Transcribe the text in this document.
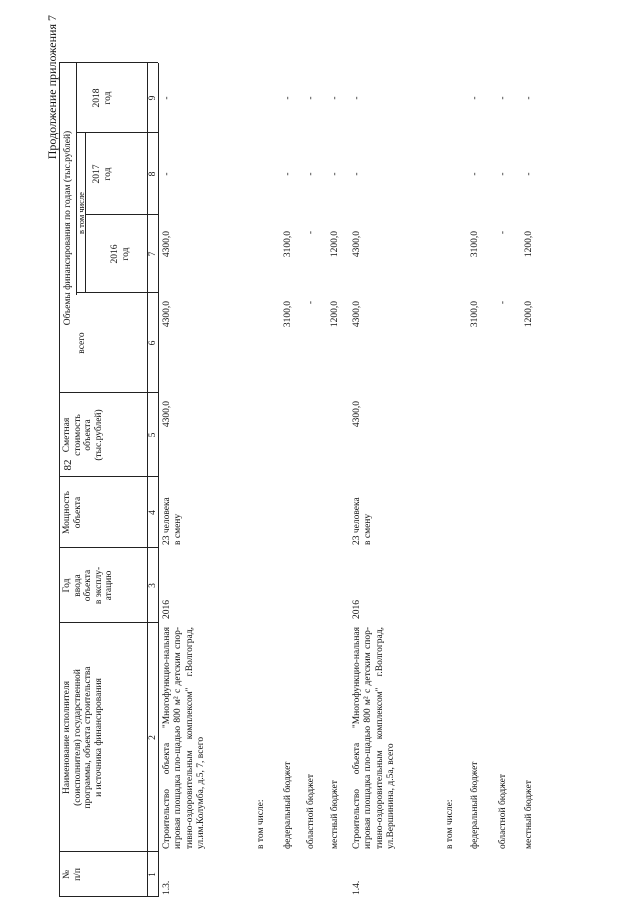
82
Продолжение приложения 7
№
п/п
Наименование исполнителя
(соисполнителя) государственной
программы, объекта строительства
и источника финансирования
Год
ввода
объекта
в эксплу-
атацию
Мощность
объекта
Сметная
стоимость
объекта
(тыс.рублей)
Объемы финансирования по годам (тыс.рублей)
всего
в том числе
2016
год
2017
год
2018
год
1
2
3
4
5
6
7
8
9
1.3.
Строительство объекта "Многофункцио-нальная игровая площадка пло-щадью 800 м² с детским спор-тивно-оздоровительным комплексом" г.Волгоград, ул.им.Колумба, д.5, 7, всего
2016
23 человека
в смену
4300,0
4300,0
4300,0
-
-
в том числе: федеральный бюджет
3100,0
3100,0
-
-
областной бюджет
-
-
-
-
местный бюджет
1200,0
1200,0
-
-
1.4.
Строительство объекта "Многофункцио-нальная игровая площадка пло-щадью 800 м² с детским спор-тивно-оздоровительным комплексом" г.Волгоград, ул.Вершинина, д.5а, всего
2016
23 человека
в смену
4300,0
4300,0
4300,0
-
-
в том числе: федеральный бюджет
3100,0
3100,0
-
-
областной бюджет
-
-
-
-
местный бюджет
1200,0
1200,0
-
-
